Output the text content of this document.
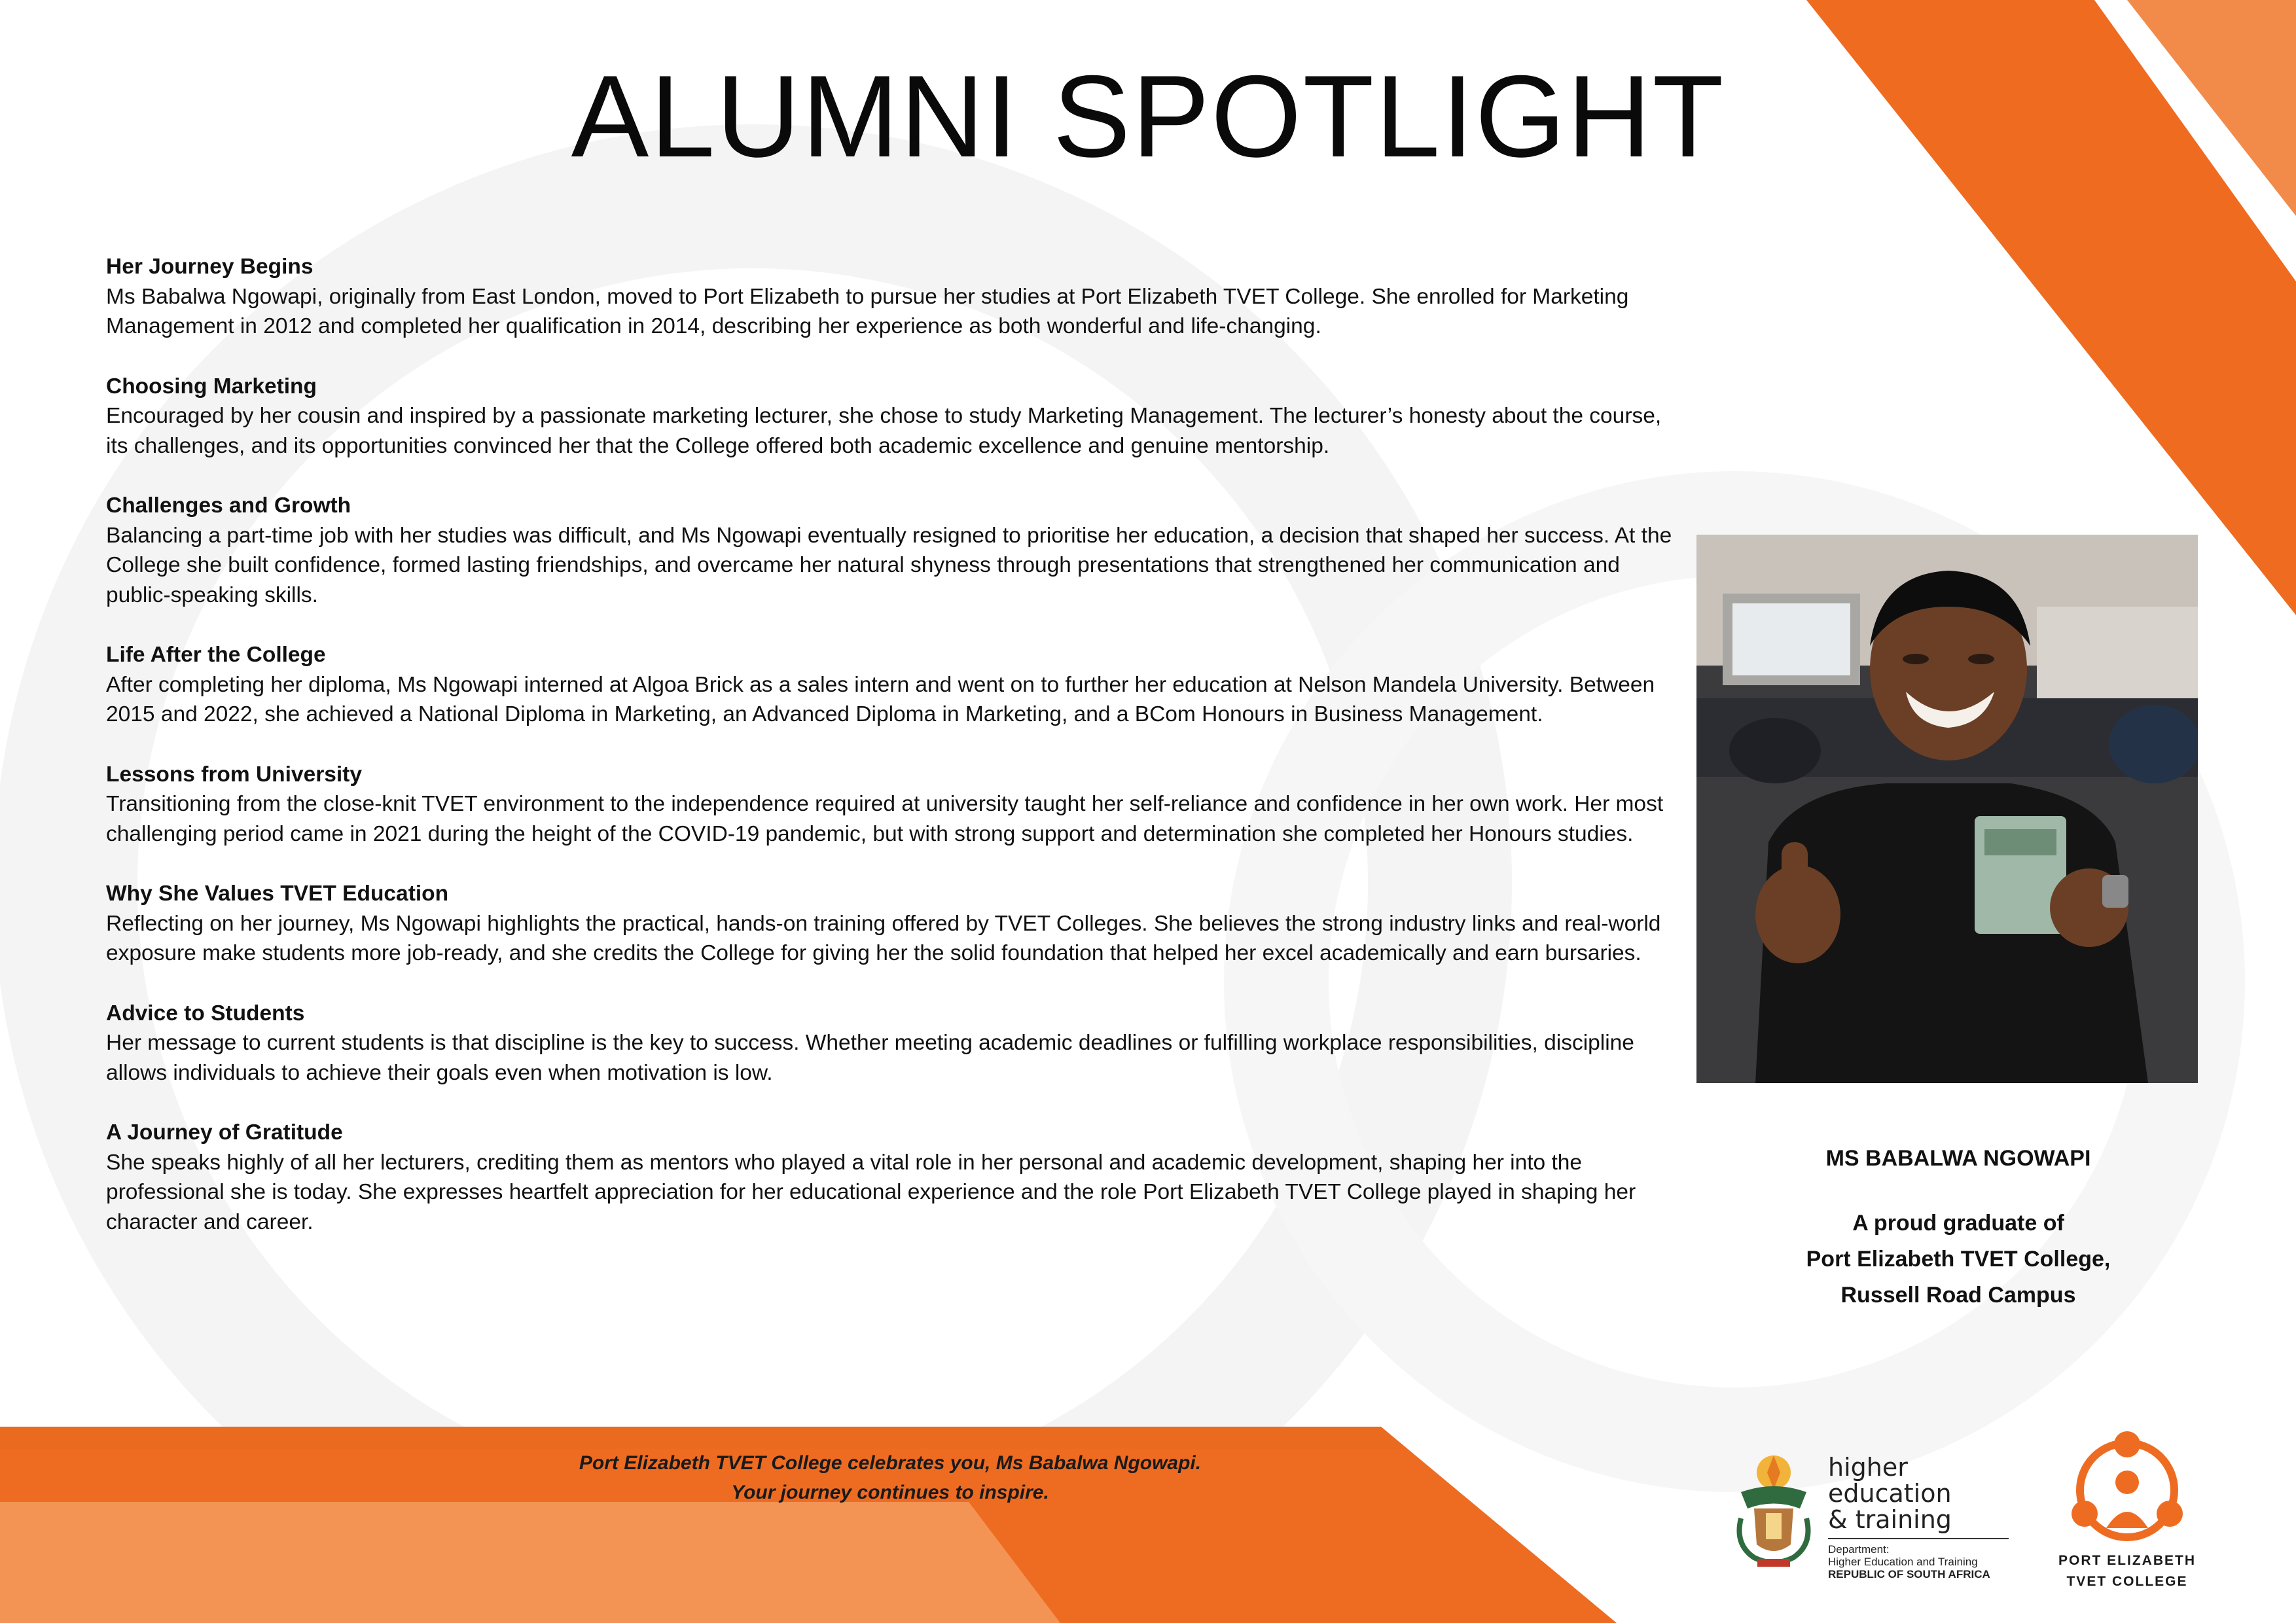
ALUMNI SPOTLIGHT
Her Journey Begins

Ms Babalwa Ngowapi, originally from East London, moved to Port Elizabeth to pursue her studies at Port Elizabeth TVET College. She enrolled for Marketing Management in 2012 and completed her qualification in 2014, describing her experience as both wonderful and life-changing.

Choosing Marketing

Encouraged by her cousin and inspired by a passionate marketing lecturer, she chose to study Marketing Management. The lecturer’s honesty about the course, its challenges, and its opportunities convinced her that the College offered both academic excellence and genuine mentorship.

Challenges and Growth

Balancing a part-time job with her studies was difficult, and Ms Ngowapi eventually resigned to prioritise her education, a decision that shaped her success. At the College she built confidence, formed lasting friendships, and overcame her natural shyness through presentations that strengthened her communication and public-speaking skills.

Life After the College

After completing her diploma, Ms Ngowapi interned at Algoa Brick as a sales intern and went on to further her education at Nelson Mandela University. Between 2015 and 2022, she achieved a National Diploma in Marketing, an Advanced Diploma in Marketing, and a BCom Honours in Business Management.

Lessons from University

Transitioning from the close-knit TVET environment to the independence required at university taught her self-reliance and confidence in her own work. Her most challenging period came in 2021 during the height of the COVID-19 pandemic, but with strong support and determination she completed her Honours studies.

Why She Values TVET Education

Reflecting on her journey, Ms Ngowapi highlights the practical, hands-on training offered by TVET Colleges. She believes the strong industry links and real-world exposure make students more job-ready, and she credits the College for giving her the solid foundation that helped her excel academically and earn bursaries.

Advice to Students

Her message to current students is that discipline is the key to success. Whether meeting academic deadlines or fulfilling workplace responsibilities, discipline allows individuals to achieve their goals even when motivation is low.

A Journey of Gratitude

She speaks highly of all her lecturers, crediting them as mentors who played a vital role in her personal and academic development, shaping her into the professional she is today. She expresses heartfelt appreciation for her educational experience and the role Port Elizabeth TVET College played in shaping her character and career.

MS BABALWA NGOWAPI
A proud graduate of
Port Elizabeth TVET College,
Russell Road Campus
Port Elizabeth TVET College celebrates you, Ms Babalwa Ngowapi.
Your journey continues to inspire.
higher education
& training
Department:
Higher Education and Training
REPUBLIC OF SOUTH AFRICA
PORT ELIZABETH
TVET COLLEGE
